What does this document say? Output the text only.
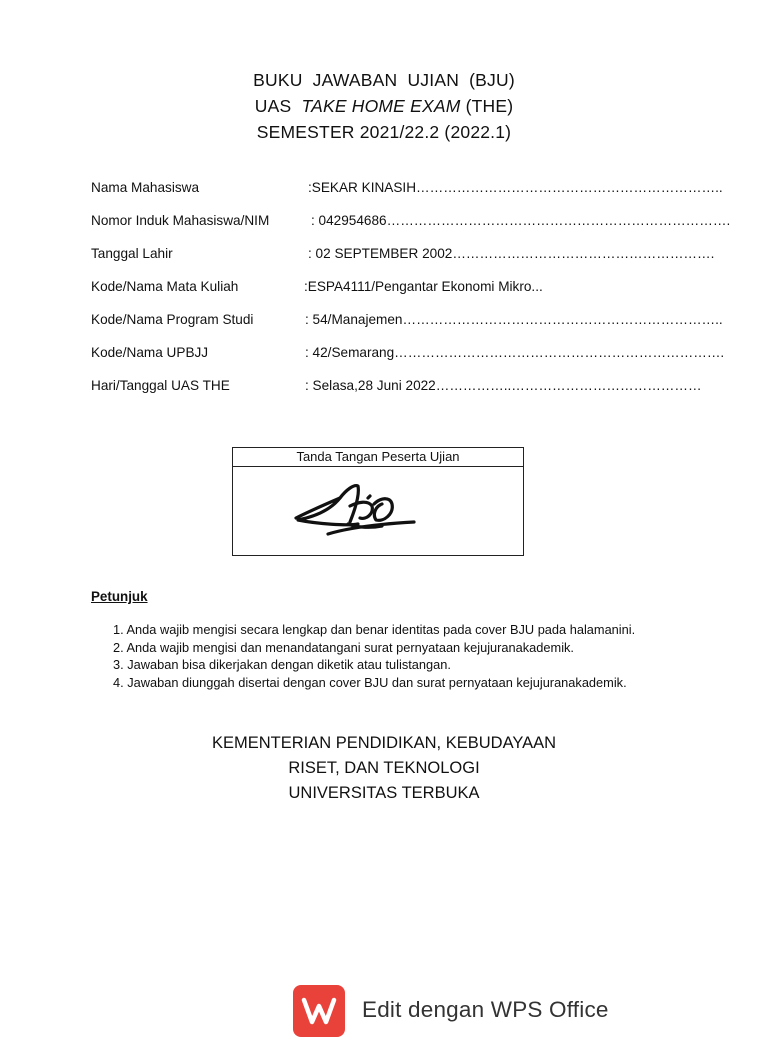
BUKU  JAWABAN  UJIAN  (BJU)
UAS  TAKE HOME EXAM (THE)
SEMESTER 2021/22.2 (2022.1)
Nama Mahasiswa	:SEKAR KINASIH…………………………………………………………..
Nomor Induk Mahasiswa/NIM	: 042954686………………………………………………………………….
Tanggal Lahir	: 02 SEPTEMBER 2002………………………………………………….
Kode/Nama Mata Kuliah	:ESPA4111/Pengantar Ekonomi Mikro...
Kode/Nama Program Studi	: 54/Manajemen……………………………………………………………..
Kode/Nama UPBJJ	: 42/Semarang……………………………………………………………….
Hari/Tanggal UAS THE	: Selasa,28 Juni 2022……………..……………………………………
Tanda Tangan Peserta Ujian
Petunjuk
1. Anda wajib mengisi secara lengkap dan benar identitas pada cover BJU pada halamanini.
2. Anda wajib mengisi dan menandatangani surat pernyataan kejujuranakademik.
3. Jawaban bisa dikerjakan dengan diketik atau tulistangan.
4. Jawaban diunggah disertai dengan cover BJU dan surat pernyataan kejujuranakademik.
KEMENTERIAN PENDIDIKAN, KEBUDAYAAN
RISET, DAN TEKNOLOGI
UNIVERSITAS TERBUKA
Edit dengan WPS Office
